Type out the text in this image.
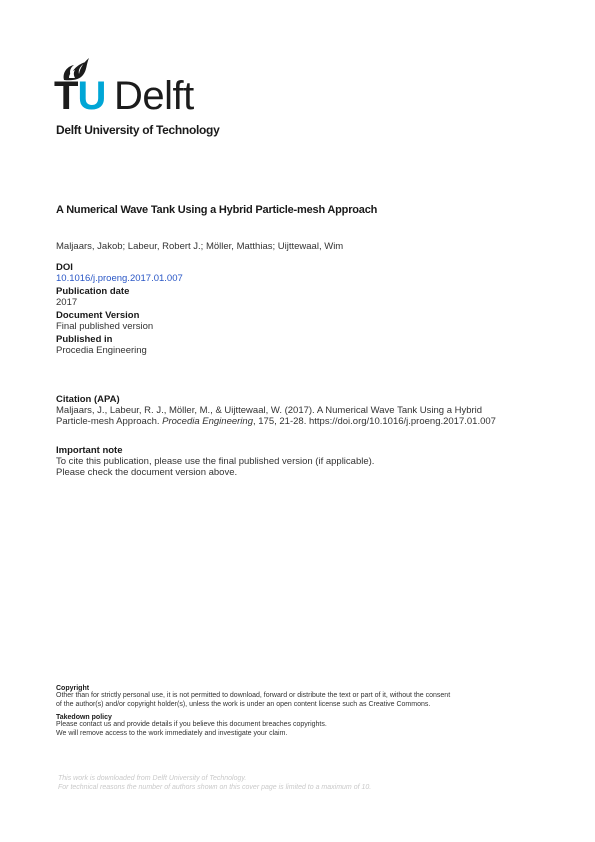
TU Delft
Delft University of Technology
A Numerical Wave Tank Using a Hybrid Particle-mesh Approach
Maljaars, Jakob; Labeur, Robert J.; Möller, Matthias; Uijttewaal, Wim
DOI
10.1016/j.proeng.2017.01.007
Publication date
2017
Document Version
Final published version
Published in
Procedia Engineering
Citation (APA)
Maljaars, J., Labeur, R. J., Möller, M., & Uijttewaal, W. (2017). A Numerical Wave Tank Using a Hybrid
Particle-mesh Approach. Procedia Engineering, 175, 21-28. https://doi.org/10.1016/j.proeng.2017.01.007
Important note
To cite this publication, please use the final published version (if applicable).
Please check the document version above.
Copyright
Other than for strictly personal use, it is not permitted to download, forward or distribute the text or part of it, without the consent
of the author(s) and/or copyright holder(s), unless the work is under an open content license such as Creative Commons.
Takedown policy
Please contact us and provide details if you believe this document breaches copyrights.
We will remove access to the work immediately and investigate your claim.
This work is downloaded from Delft University of Technology.
For technical reasons the number of authors shown on this cover page is limited to a maximum of 10.
